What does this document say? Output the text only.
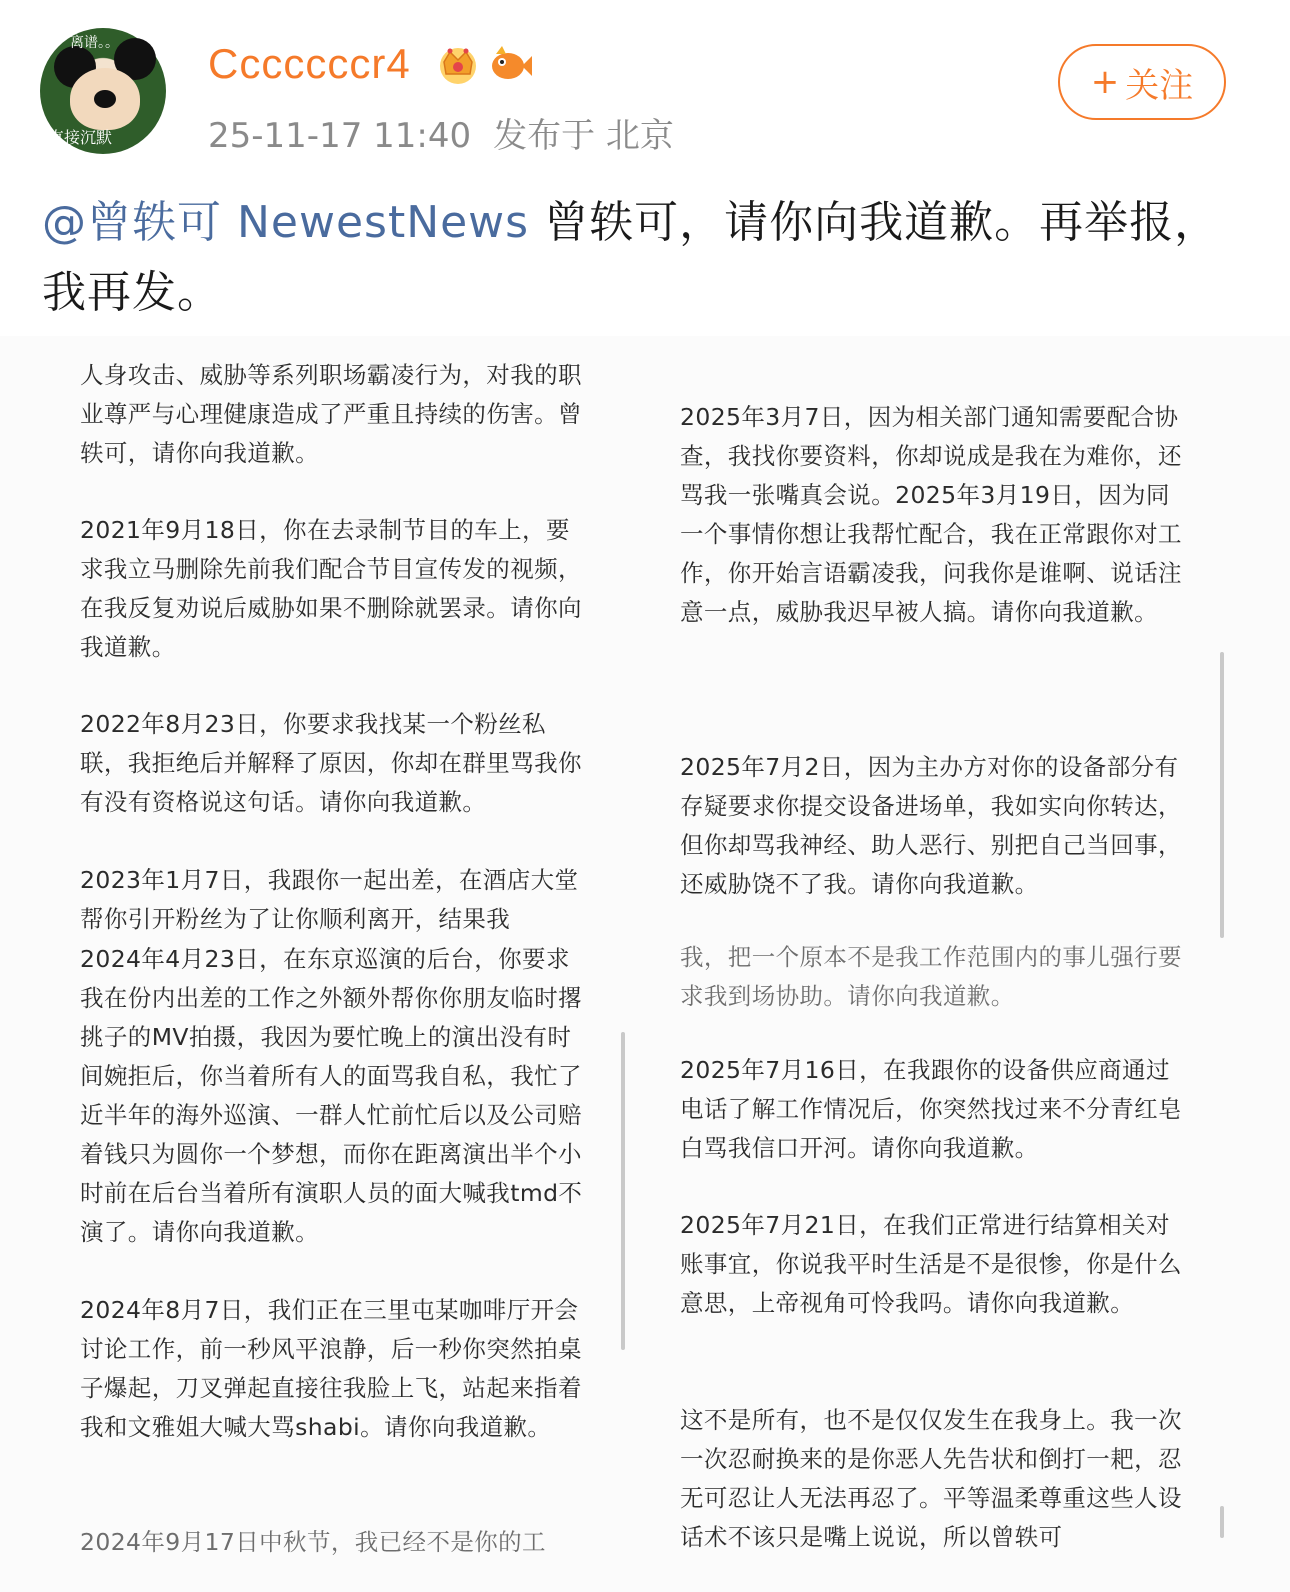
离谱。。
直接沉默
Cccccccr4
25-11-17 11:40 发布于 北京
+ 关注
@曾轶可 NewestNews 曾轶可，请你向我道歉。再举报，我再发。

人身攻击、威胁等系列职场霸凌行为，对我的职业尊严与心理健康造成了严重且持续的伤害。曾轶可，请你向我道歉。

2021年9月18日，你在去录制节目的车上，要求我立马删除先前我们配合节目宣传发的视频，在我反复劝说后威胁如果不删除就罢录。请你向我道歉。

2022年8月23日，你要求我找某一个粉丝私联，我拒绝后并解释了原因，你却在群里骂我你有没有资格说这句话。请你向我道歉。

2023年1月7日，我跟你一起出差，在酒店大堂帮你引开粉丝为了让你顺利离开，结果我

2024年4月23日，在东京巡演的后台，你要求我在份内出差的工作之外额外帮你你朋友临时撂挑子的MV拍摄，我因为要忙晚上的演出没有时间婉拒后，你当着所有人的面骂我自私，我忙了近半年的海外巡演、一群人忙前忙后以及公司赔着钱只为圆你一个梦想，而你在距离演出半个小时前在后台当着所有演职人员的面大喊我tmd不演了。请你向我道歉。

2024年8月7日，我们正在三里屯某咖啡厅开会讨论工作，前一秒风平浪静，后一秒你突然拍桌子爆起，刀叉弹起直接往我脸上飞，站起来指着我和文雅姐大喊大骂shabi。请你向我道歉。

2024年9月17日中秋节，我已经不是你的工

2025年3月7日，因为相关部门通知需要配合协查，我找你要资料，你却说成是我在为难你，还骂我一张嘴真会说。2025年3月19日，因为同一个事情你想让我帮忙配合，我在正常跟你对工作，你开始言语霸凌我，问我你是谁啊、说话注意一点，威胁我迟早被人搞。请你向我道歉。

2025年7月2日，因为主办方对你的设备部分有存疑要求你提交设备进场单，我如实向你转达，但你却骂我神经、助人恶行、别把自己当回事，还威胁饶不了我。请你向我道歉。

我，把一个原本不是我工作范围内的事儿强行要求我到场协助。请你向我道歉。

2025年7月16日，在我跟你的设备供应商通过电话了解工作情况后，你突然找过来不分青红皂白骂我信口开河。请你向我道歉。

2025年7月21日，在我们正常进行结算相关对账事宜，你说我平时生活是不是很惨，你是什么意思，上帝视角可怜我吗。请你向我道歉。

这不是所有，也不是仅仅发生在我身上。我一次一次忍耐换来的是你恶人先告状和倒打一耙，忍无可忍让人无法再忍了。平等温柔尊重这些人设话术不该只是嘴上说说，所以曾轶可
